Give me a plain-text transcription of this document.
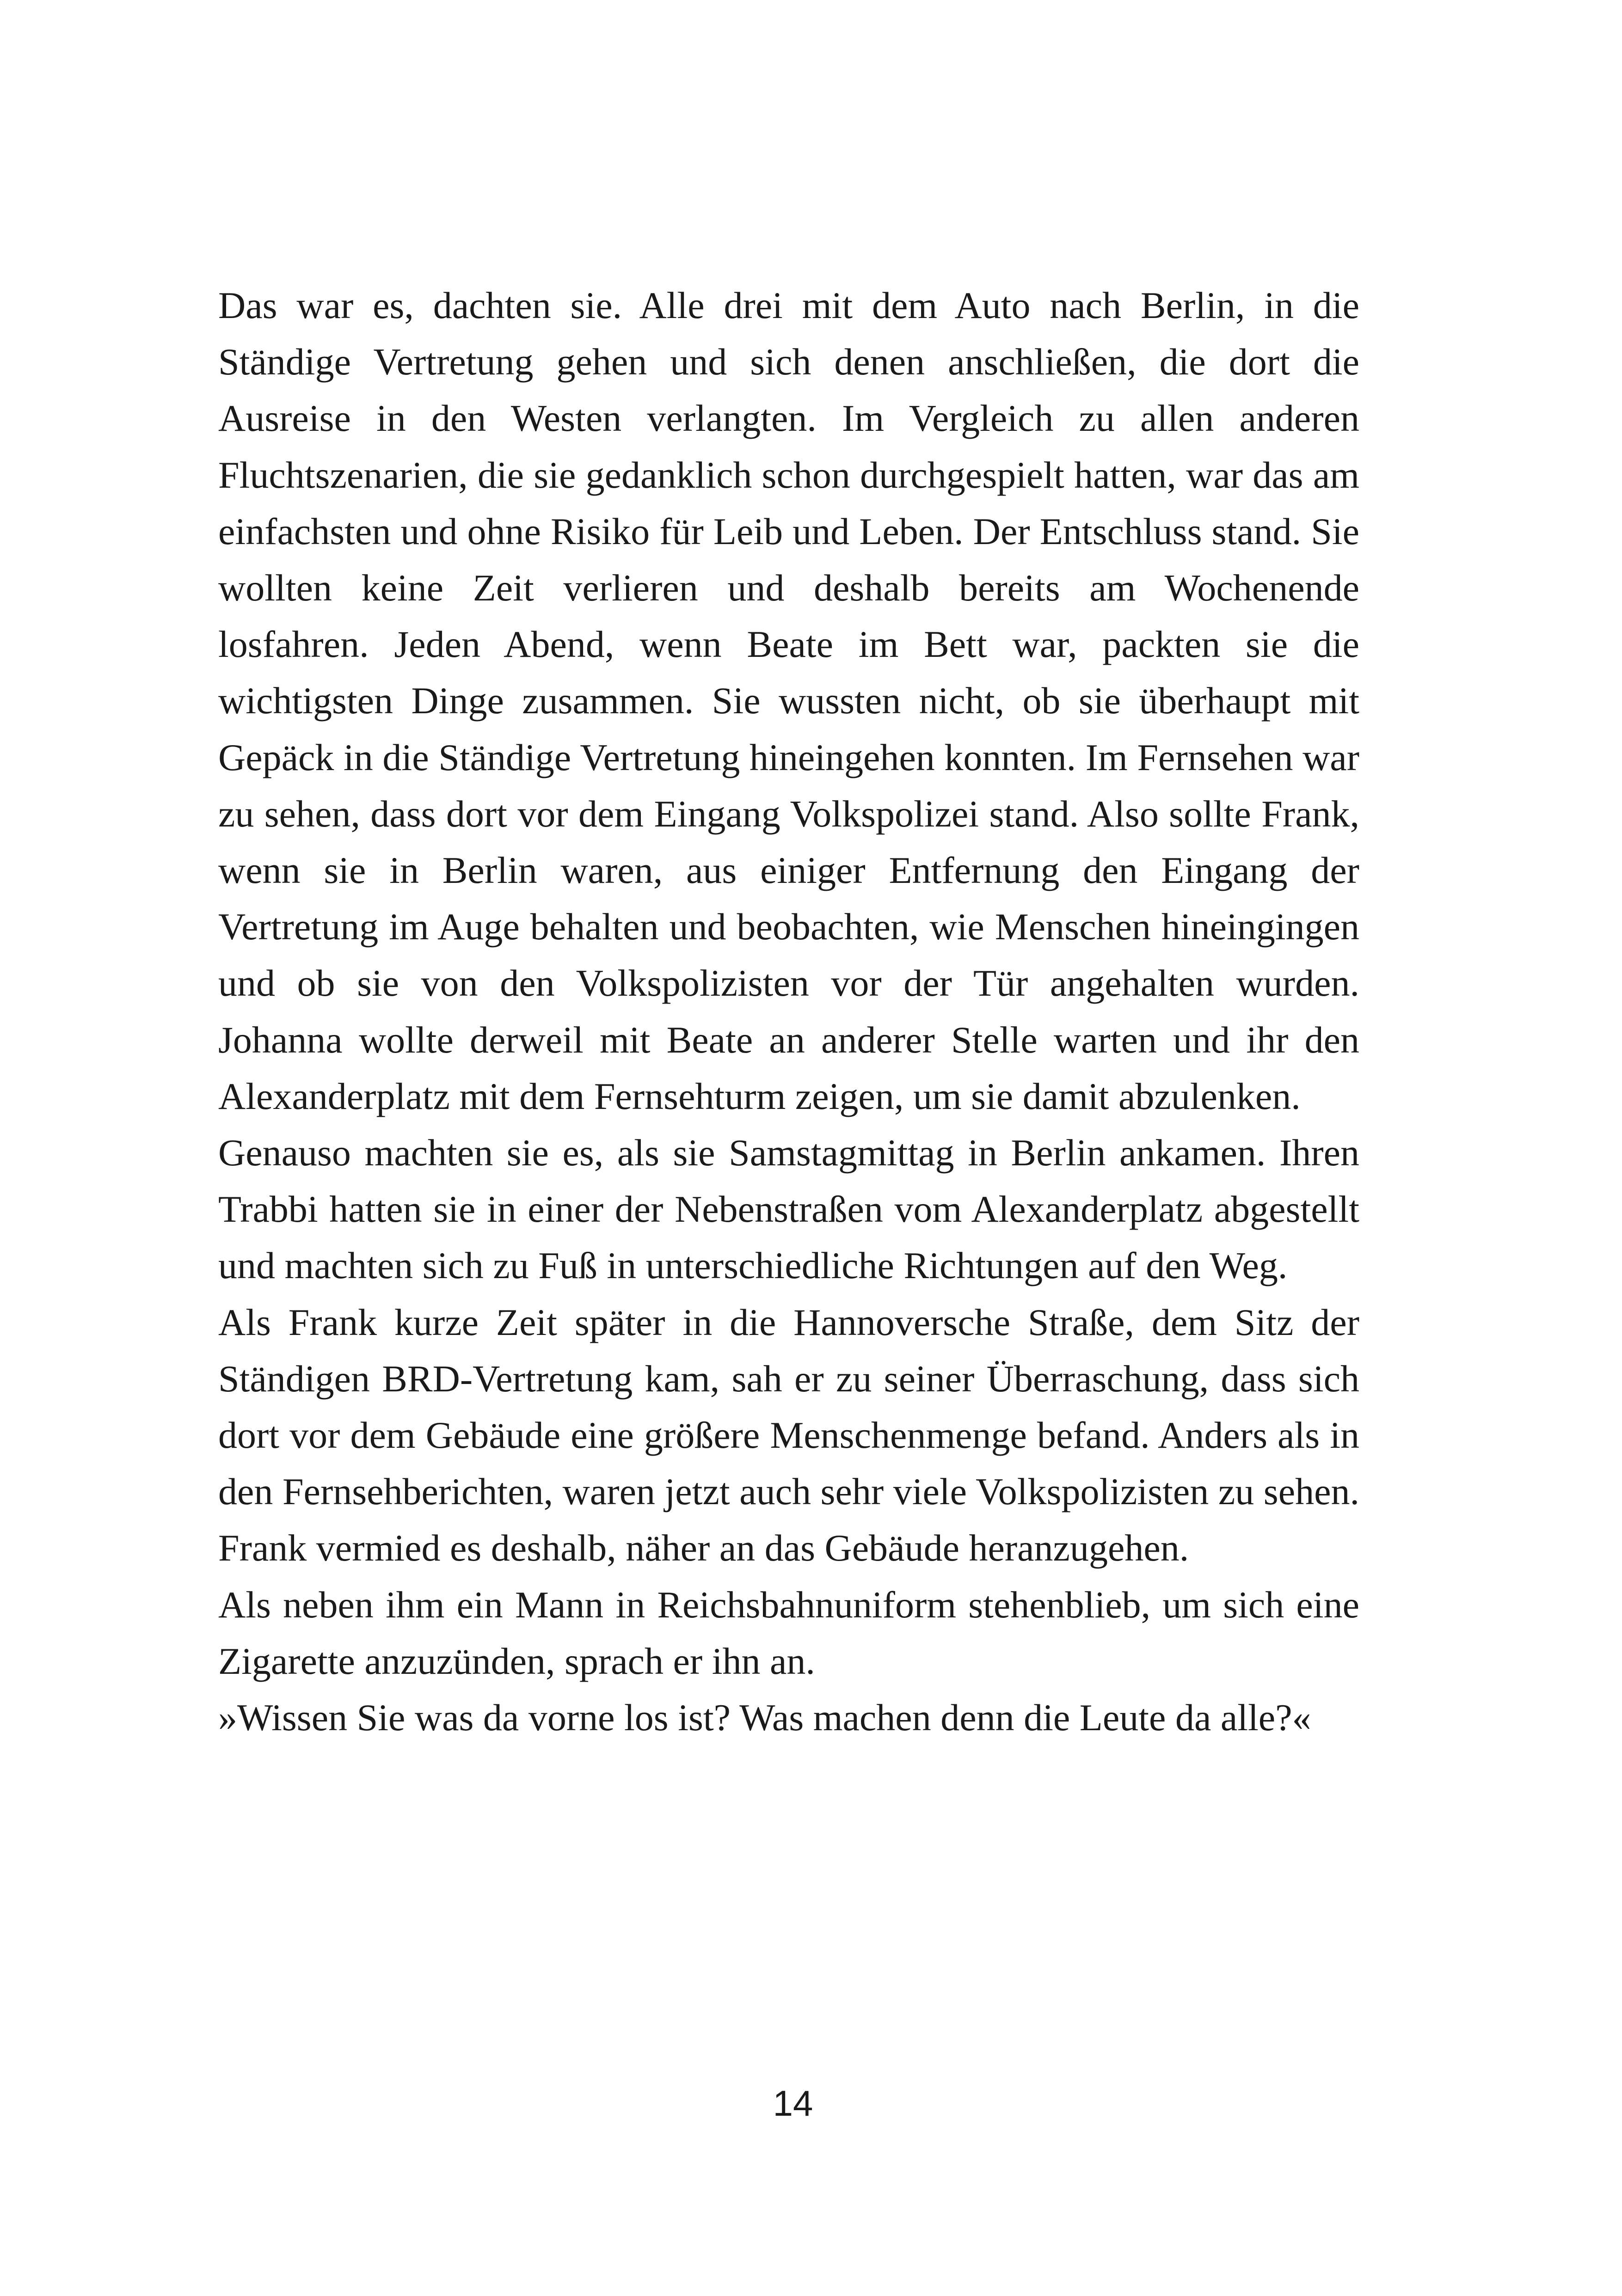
Das war es, dachten sie. Alle drei mit dem Auto nach Berlin, in die Ständige Vertretung gehen und sich denen anschließen, die dort die Ausreise in den Westen verlangten. Im Vergleich zu allen anderen Fluchtszenarien, die sie gedanklich schon durchgespielt hatten, war das am einfachsten und ohne Risiko für Leib und Leben. Der Entschluss stand. Sie wollten keine Zeit verlieren und deshalb bereits am Wochenende losfahren. Jeden Abend, wenn Beate im Bett war, packten sie die wichtigsten Dinge zusammen. Sie wussten nicht, ob sie überhaupt mit Gepäck in die Ständige Vertretung hineingehen konnten. Im Fernsehen war zu sehen, dass dort vor dem Eingang Volkspolizei stand. Also sollte Frank, wenn sie in Berlin waren, aus einiger Entfernung den Eingang der Vertretung im Auge behalten und beobachten, wie Menschen hineingingen und ob sie von den Volkspolizisten vor der Tür angehalten wurden. Johanna wollte derweil mit Beate an anderer Stelle warten und ihr den Alexanderplatz mit dem Fernsehturm zeigen, um sie damit abzulenken.

Genauso machten sie es, als sie Samstagmittag in Berlin ankamen. Ihren Trabbi hatten sie in einer der Nebenstraßen vom Alexanderplatz abgestellt und machten sich zu Fuß in unterschiedliche Richtungen auf den Weg.

Als Frank kurze Zeit später in die Hannoversche Straße, dem Sitz der Ständigen BRD-Vertretung kam, sah er zu seiner Überraschung, dass sich dort vor dem Gebäude eine größere Menschenmenge befand. Anders als in den Fernsehberichten, waren jetzt auch sehr viele Volkspolizisten zu sehen. Frank vermied es deshalb, näher an das Gebäude heranzugehen.

Als neben ihm ein Mann in Reichsbahnuniform stehenblieb, um sich eine Zigarette anzuzünden, sprach er ihn an.

»Wissen Sie was da vorne los ist? Was machen denn die Leute da alle?«

14
